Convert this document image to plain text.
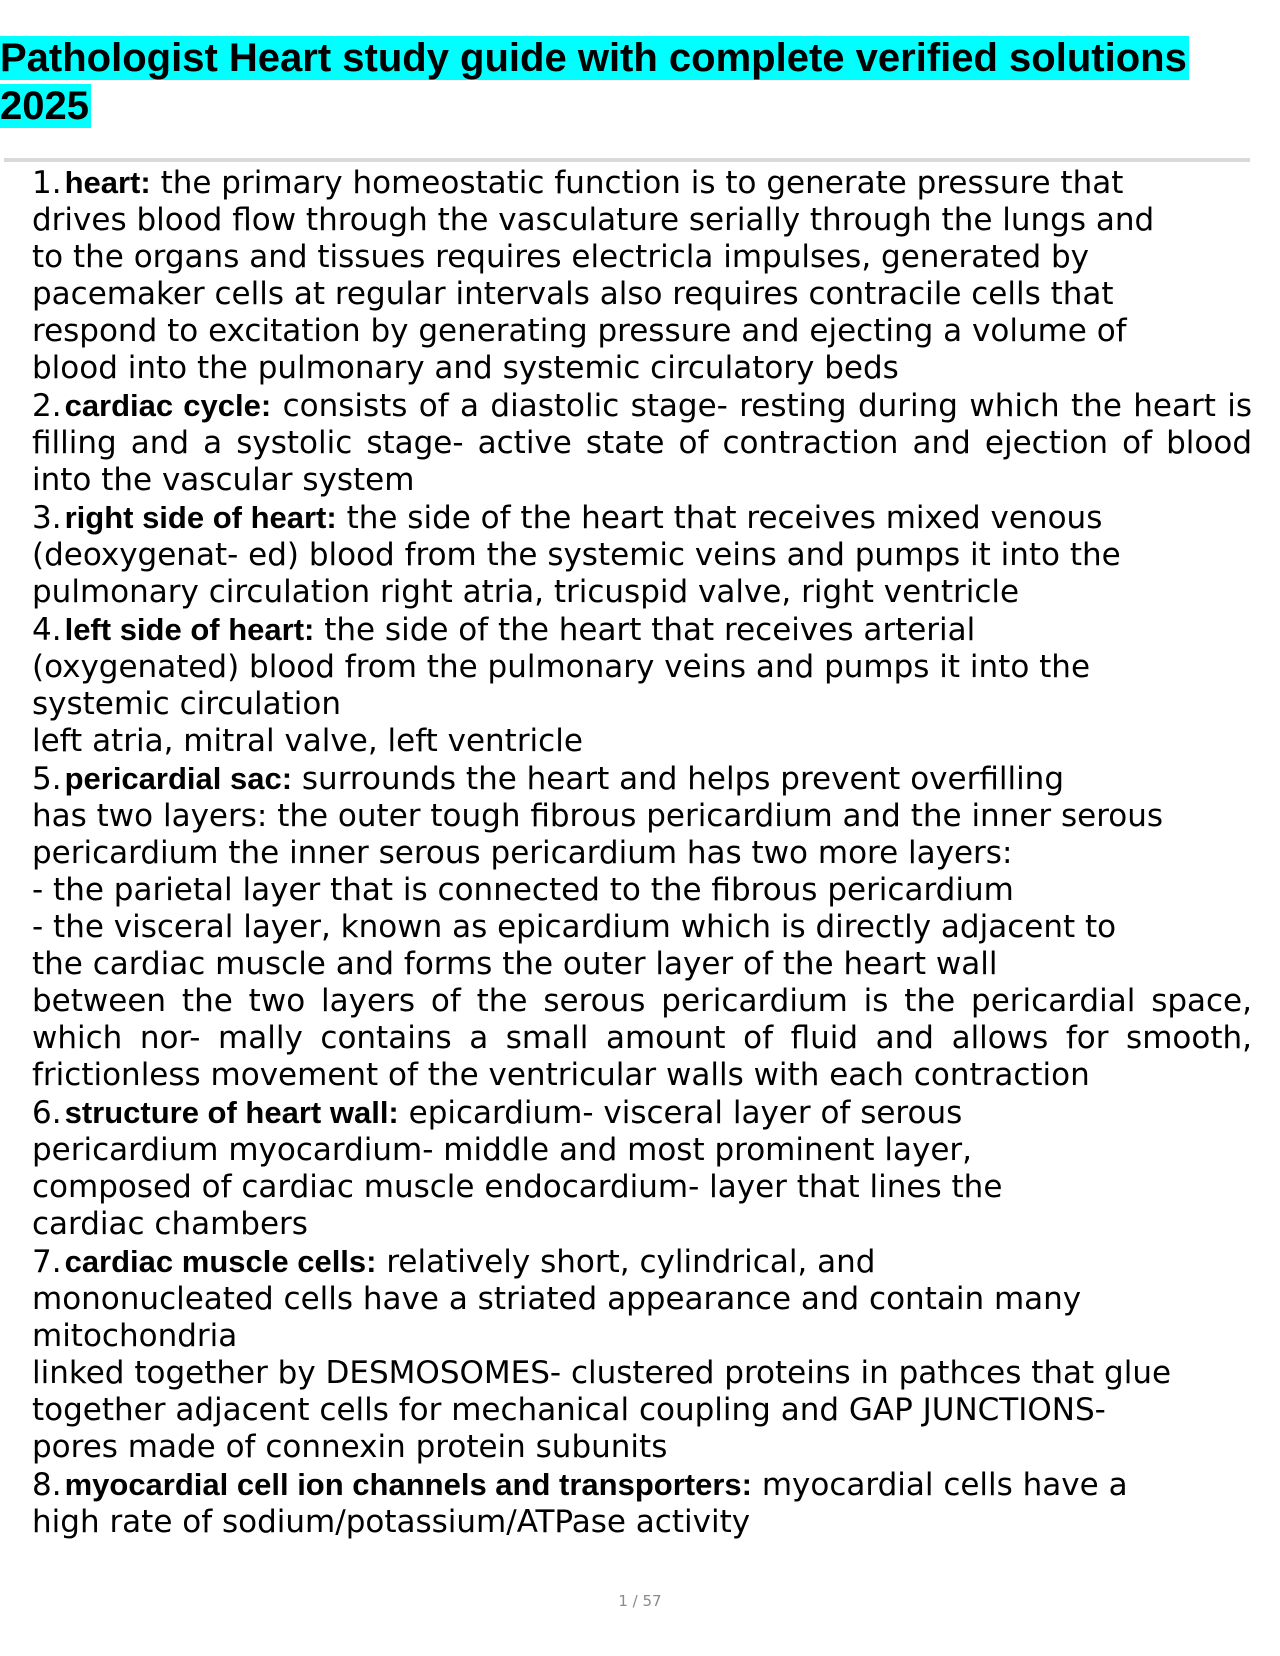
Pathologist Heart study guide with complete verified solutions
2025
1.heart: the primary homeostatic function is to generate pressure that
drives blood flow through the vasculature serially through the lungs and
to the organs and tissues requires electricla impulses, generated by
pacemaker cells at regular intervals also requires contracile cells that
respond to excitation by generating pressure and ejecting a volume of
blood into the pulmonary and systemic circulatory beds
2.cardiac cycle: consists of a diastolic stage- resting during which the heart is filling and a systolic stage- active state of contraction and ejection of blood into the vascular system
3.right side of heart: the side of the heart that receives mixed venous
(deoxygenat- ed) blood from the systemic veins and pumps it into the
pulmonary circulation right atria, tricuspid valve, right ventricle
4.left side of heart: the side of the heart that receives arterial
(oxygenated) blood from the pulmonary veins and pumps it into the
systemic circulation
left atria, mitral valve, left ventricle
5.pericardial sac: surrounds the heart and helps prevent overfilling
has two layers: the outer tough fibrous pericardium and the inner serous
pericardium the inner serous pericardium has two more layers:
- the parietal layer that is connected to the fibrous pericardium
- the visceral layer, known as epicardium which is directly adjacent to
the cardiac muscle and forms the outer layer of the heart wall
between the two layers of the serous pericardium is the pericardial space, which nor- mally contains a small amount of fluid and allows for smooth, frictionless movement of the ventricular walls with each contraction
6.structure of heart wall: epicardium- visceral layer of serous
pericardium myocardium- middle and most prominent layer,
composed of cardiac muscle endocardium- layer that lines the
cardiac chambers
7.cardiac muscle cells: relatively short, cylindrical, and
mononucleated cells have a striated appearance and contain many
mitochondria
linked together by DESMOSOMES- clustered proteins in pathces that glue
together adjacent cells for mechanical coupling and GAP JUNCTIONS-
pores made of connexin protein subunits
8.myocardial cell ion channels and transporters: myocardial cells have a
high rate of sodium/potassium/ATPase activity
1 / 57
